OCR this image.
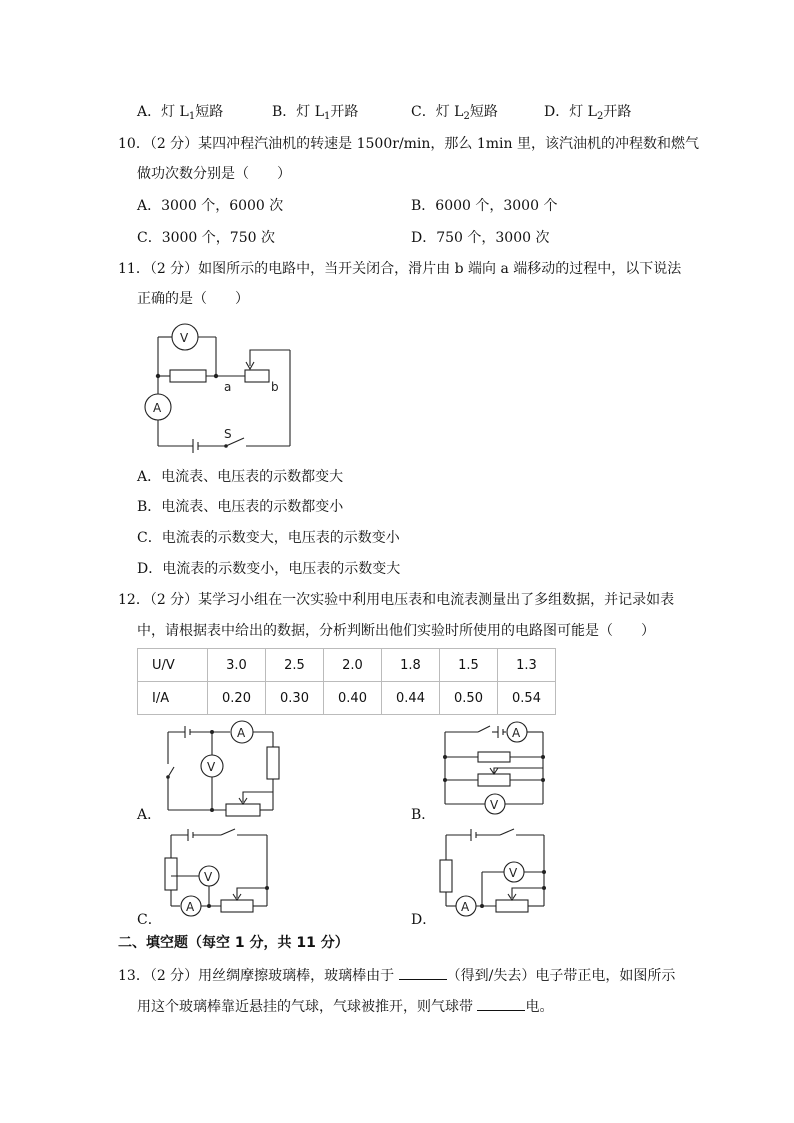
A．灯 $L_1$短路	B．灯 $L_1$开路	C．灯 $L_2$短路	D．灯 $L_2$开路
10．（2 分）某四冲程汽油机的转速是 1500r/min，那么 1min 里，该汽油机的冲程数和燃气
做功次数分别是（　　）
A．3000 个，6000 次	B．6000 个，3000 个
C．3000 个，750 次	D．750 个，3000 次
11．（2 分）如图所示的电路中，当开关闭合，滑片由 b 端向 a 端移动的过程中，以下说法
正确的是（　　）
V
a	b
A
S
A．电流表、电压表的示数都变大
B．电流表、电压表的示数都变小
C．电流表的示数变大，电压表的示数变小
D．电流表的示数变小，电压表的示数变大
12．（2 分）某学习小组在一次实验中利用电压表和电流表测量出了多组数据，并记录如表
中，请根据表中给出的数据，分析判断出他们实验时所使用的电路图可能是（　　）
U/V	3.0	2.5	2.0	1.8	1.5	1.3
I/A	0.20	0.30	0.40	0.44	0.50	0.54
A
V
A．
A
V
B．
A
V
C．
A
V
D．
二、填空题（每空 1 分，共 11 分）
13．（2 分）用丝绸摩擦玻璃棒，玻璃棒由于	（得到/失去）电子带正电，如图所示
用这个玻璃棒靠近悬挂的气球，气球被推开，则气球带	电。
